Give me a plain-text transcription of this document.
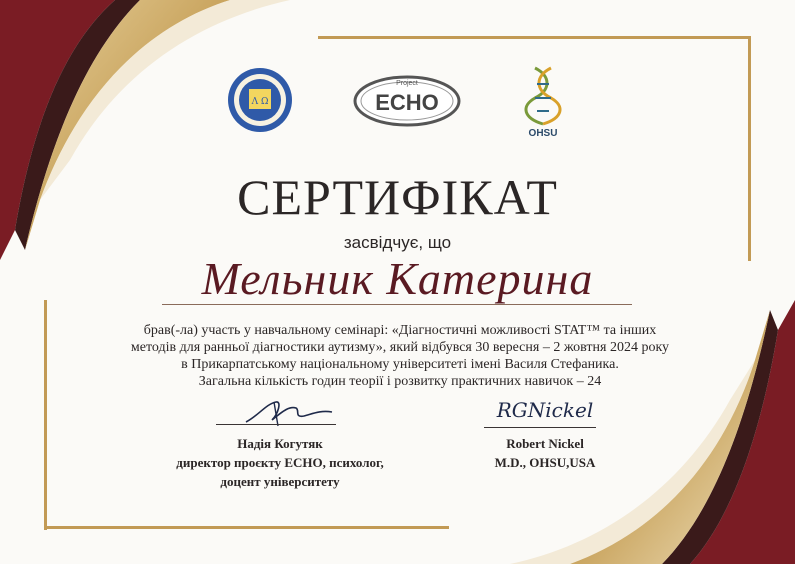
Λ Ω
Project
ECHO
OHSU
СЕРТИФІКАТ
засвідчує, що
Мельник Катерина
брав(-ла) участь у навчальному семінарі: «Діагностичні можливості STAT™ та інших
методів для ранньої діагностики аутизму», який відбувся 30 вересня – 2 жовтня 2024 року
в Прикарпатському національному університеті імені Василя Стефаника.
Загальна кількість годин теорії і розвитку практичних навичок – 24
Надія Когутяк
директор проєкту ECHO, психолог,
доцент університету
RGNickel
Robert Nickel
M.D., OHSU,USA
